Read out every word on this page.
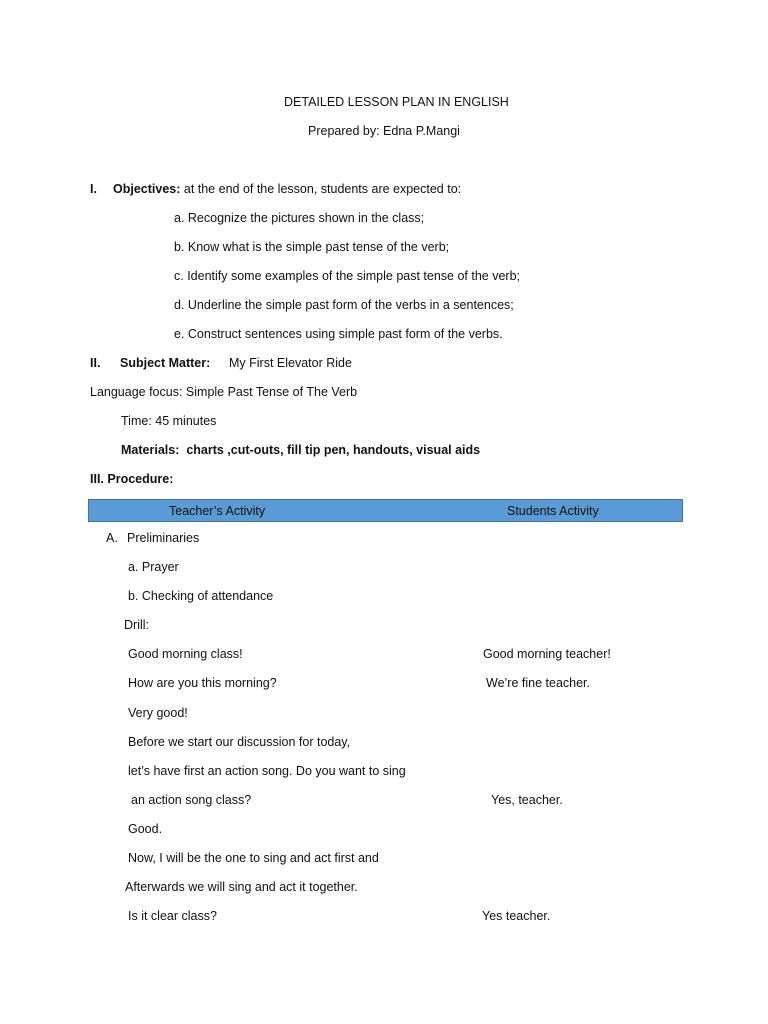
DETAILED LESSON PLAN IN ENGLISH
Prepared by: Edna P.Mangi
I. Objectives: at the end of the lesson, students are expected to:
a. Recognize the pictures shown in the class;
b. Know what is the simple past tense of the verb;
c. Identify some examples of the simple past tense of the verb;
d. Underline the simple past form of the verbs in a sentences;
e. Construct sentences using simple past form of the verbs.
II. Subject Matter: My First Elevator Ride
Language focus: Simple Past Tense of The Verb
Time: 45 minutes
Materials: charts ,cut-outs, fill tip pen, handouts, visual aids
III. Procedure:
Teacher’s Activity	Students Activity
A. Preliminaries
a. Prayer
b. Checking of attendance
Drill:
Good morning class!	Good morning teacher!
How are you this morning?	We’re fine teacher.
Very good!
Before we start our discussion for today,
let’s have first an action song. Do you want to sing
an action song class?	Yes, teacher.
Good.
Now, I will be the one to sing and act first and
Afterwards we will sing and act it together.
Is it clear class?	Yes teacher.
